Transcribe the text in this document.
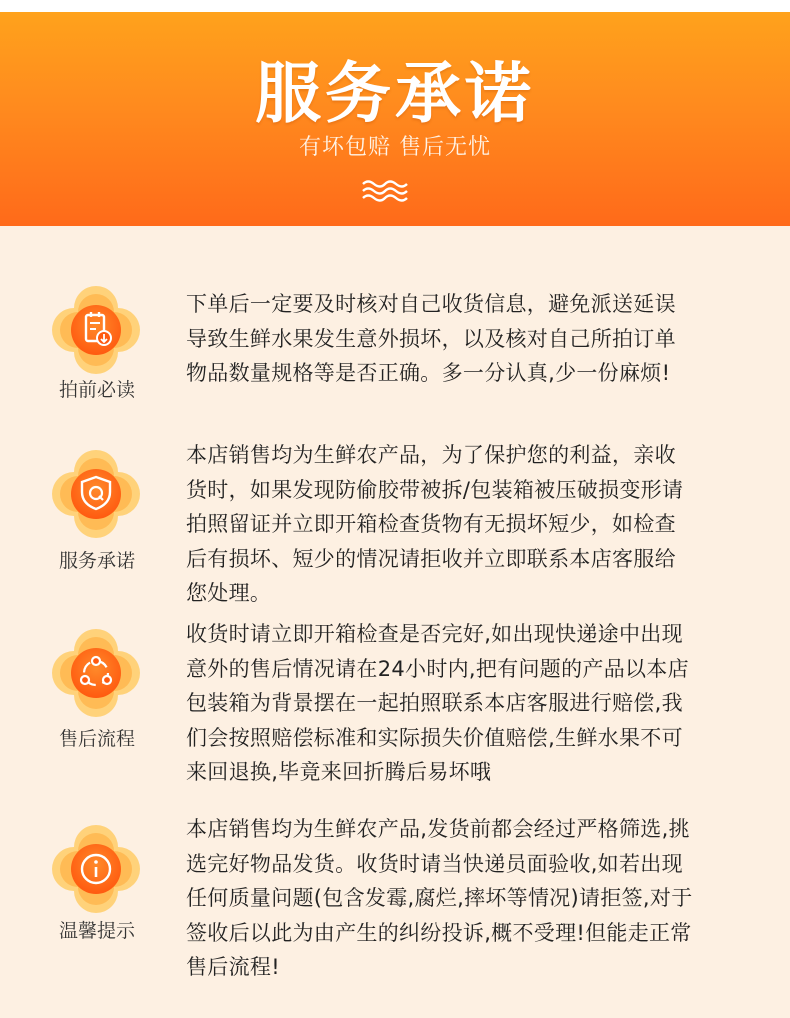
服务承诺
有坏包赔 售后无忧
拍前必读
下单后一定要及时核对自己收货信息，避免派送延误
导致生鲜水果发生意外损坏，以及核对自己所拍订单
物品数量规格等是否正确。多一分认真,少一份麻烦!
服务承诺
本店销售均为生鲜农产品，为了保护您的利益，亲收
货时，如果发现防偷胶带被拆/包装箱被压破损变形请
拍照留证并立即开箱检查货物有无损坏短少，如检查
后有损坏、短少的情况请拒收并立即联系本店客服给
您处理。
售后流程
收货时请立即开箱检查是否完好,如出现快递途中出现
意外的售后情况请在24小时内,把有问题的产品以本店
包装箱为背景摆在一起拍照联系本店客服进行赔偿,我
们会按照赔偿标准和实际损失价值赔偿,生鲜水果不可
来回退换,毕竟来回折腾后易坏哦
温馨提示
本店销售均为生鲜农产品,发货前都会经过严格筛选,挑
选完好物品发货。收货时请当快递员面验收,如若出现
任何质量问题(包含发霉,腐烂,摔坏等情况)请拒签,对于
签收后以此为由产生的纠纷投诉,概不受理!但能走正常
售后流程!
